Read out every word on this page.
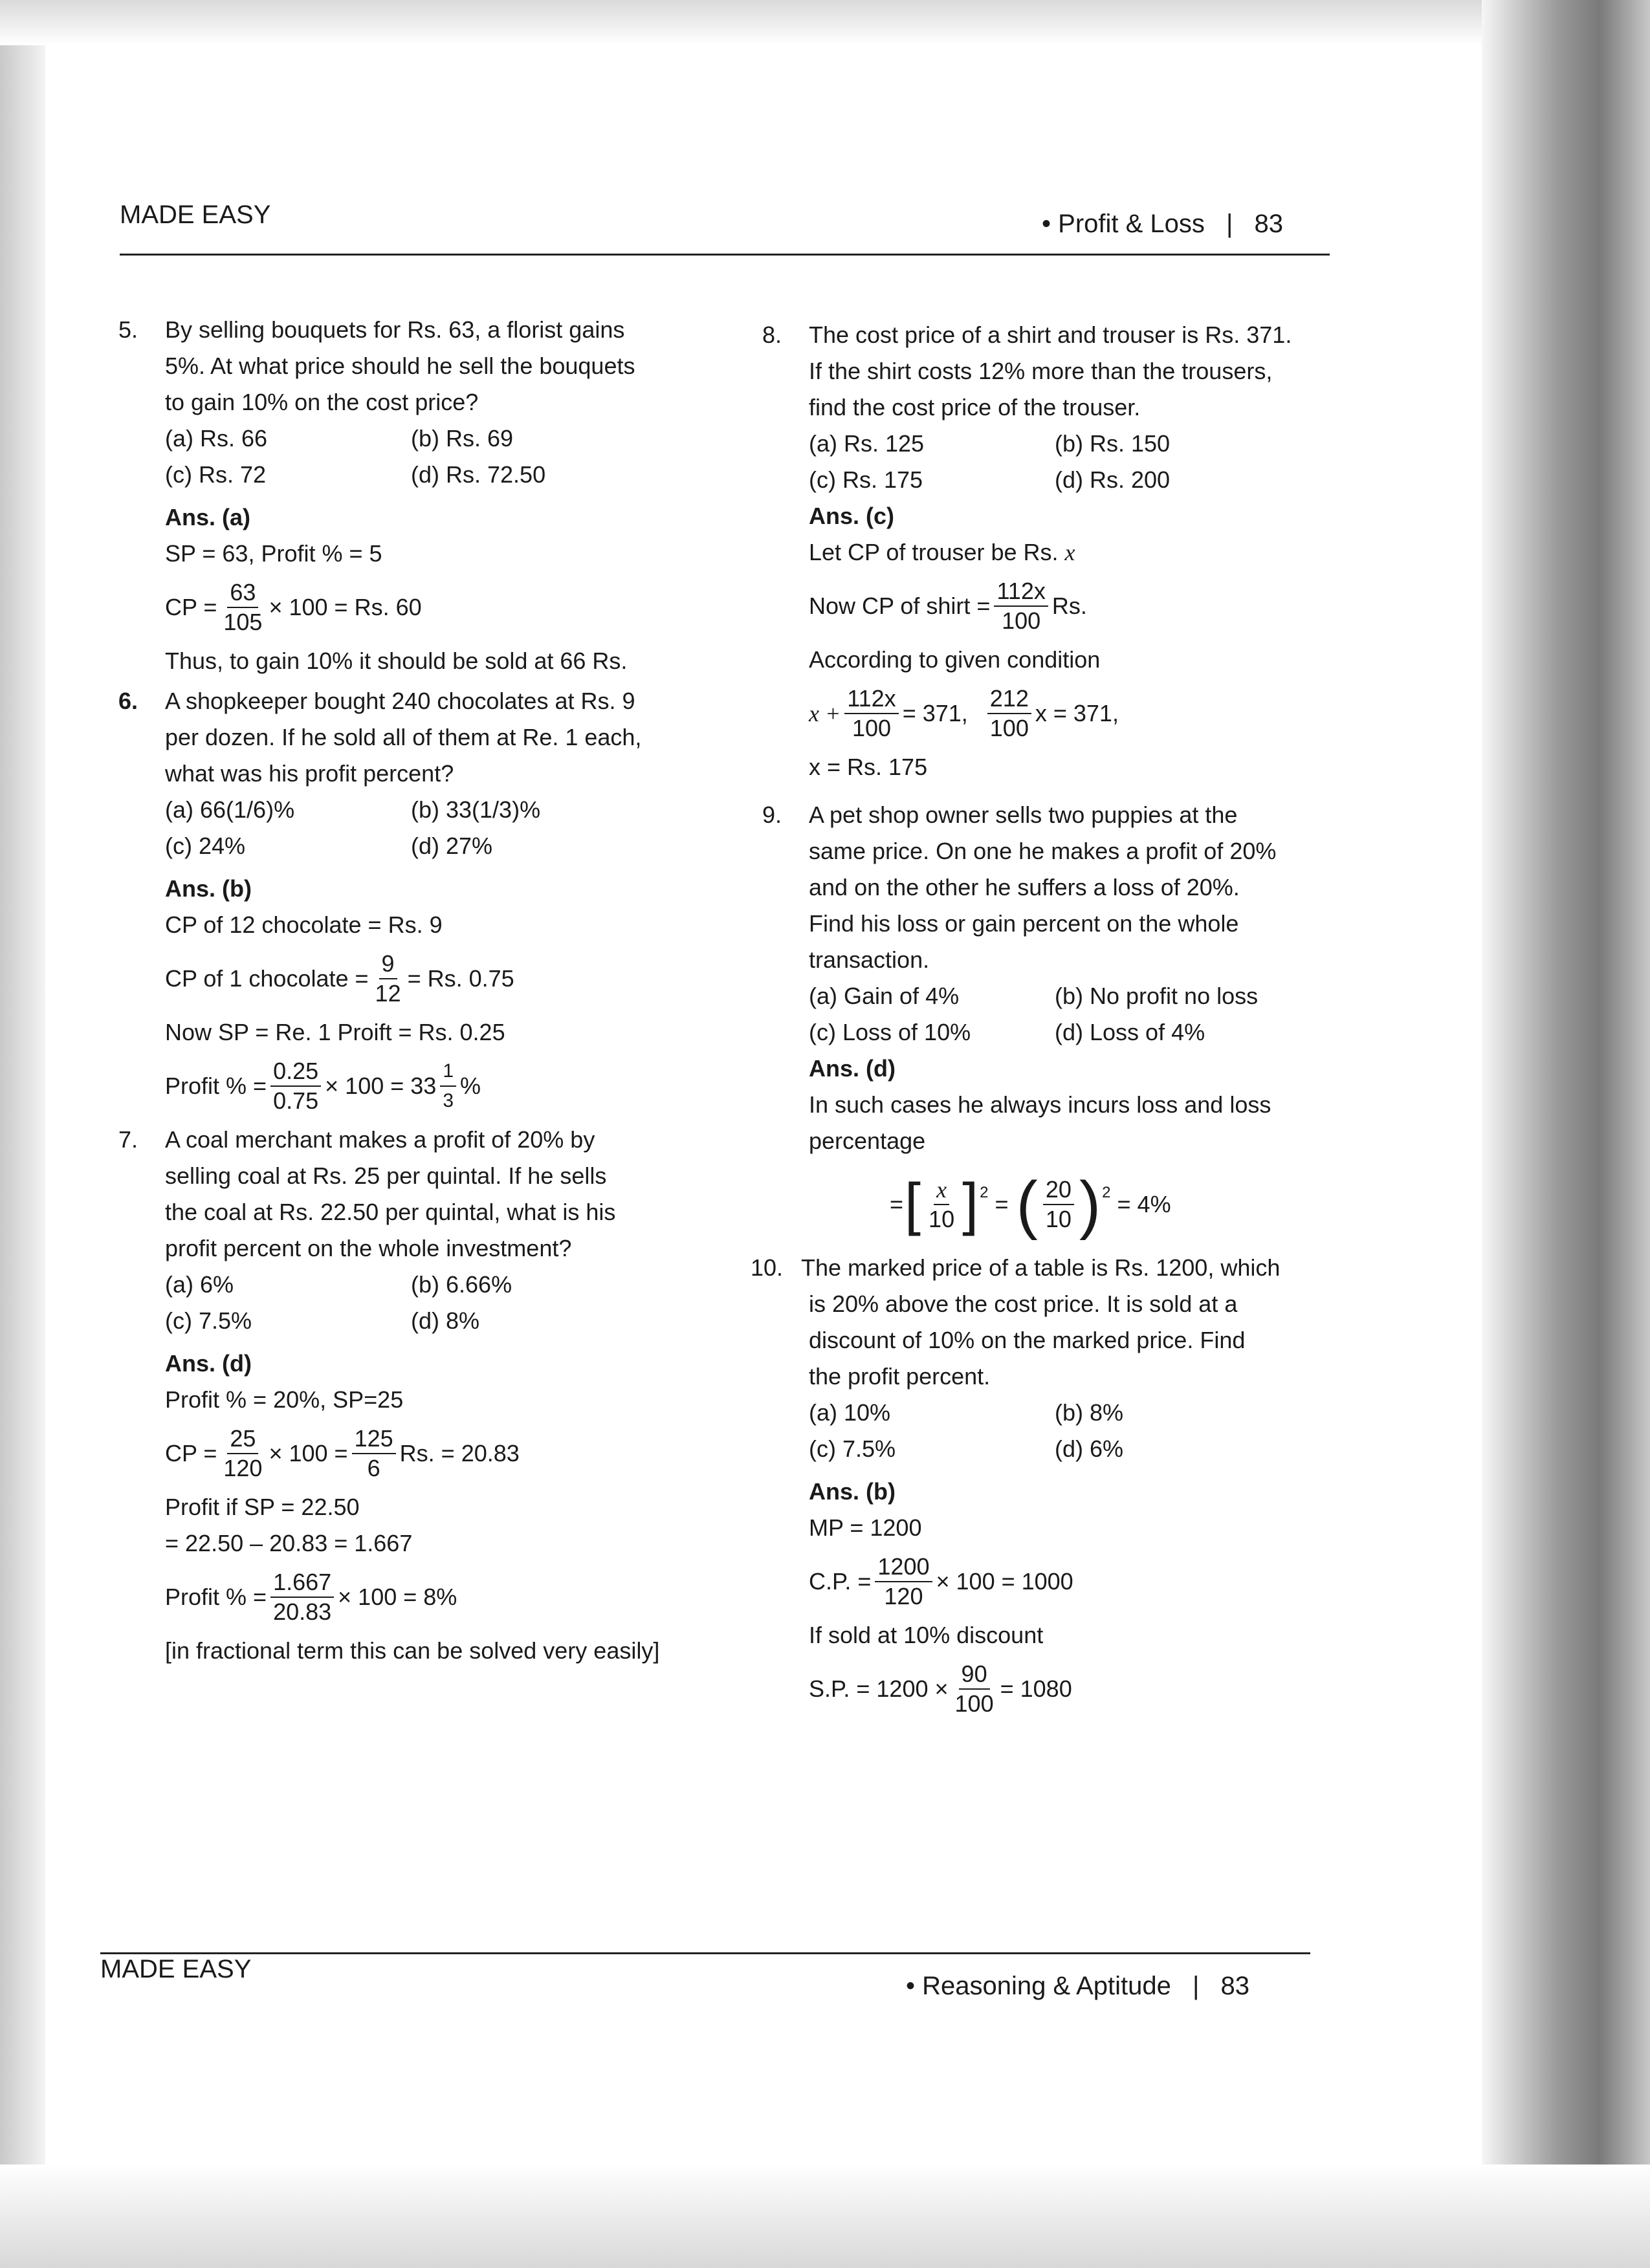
MADE EASY	• Profit & Loss | 83
5. By selling bouquets for Rs. 63, a florist gains
5%. At what price should he sell the bouquets
to gain 10% on the cost price?
(a) Rs. 66	(b) Rs. 69
(c) Rs. 72	(d) Rs. 72.50
Ans. (a)
SP = 63, Profit % = 5
CP = $\frac{63}{105} \times 100 = Rs$. 60
Thus, to gain 10% it should be sold at 66 Rs.
6. A shopkeeper bought 240 chocolates at Rs. 9
per dozen. If he sold all of them at Re. 1 each,
what was his profit percent?
(a) 66(1/6)%	(b) 33(1/3)%
(c) 24%	(d) 27%
Ans. (b)
CP of 12 chocolate = Rs. 9
CP of 1 chocolate = $\frac{9}{12} = Rs$. 0.75
Now SP = Re. 1 Proift = Rs. 0.25
Profit % = $\frac{0.25}{0.75} \times 100 = 33 \frac{1}{3}$ %
7. A coal merchant makes a profit of 20% by
selling coal at Rs. 25 per quintal. If he sells
the coal at Rs. 22.50 per quintal, what is his
profit percent on the whole investment?
(a) 6%	(b) 6.66%
(c) 7.5%	(d) 8%
Ans. (d)
Profit % = 20%, SP=25
CP = $\frac{25}{120} \times 100 = \frac{125}{6} Rs$. = 20.83
Profit if SP = 22.50
= 22.50 – 20.83 = 1.667
Profit % = $\frac{1.667}{20.83} \times 100 = 8\%$
[in fractional term this can be solved very easily]
8. The cost price of a shirt and trouser is Rs. 371.
If the shirt costs 12% more than the trousers,
find the cost price of the trouser.
(a) Rs. 125	(b) Rs. 150
(c) Rs. 175	(d) Rs. 200
Ans. (c)
Let CP of trouser be Rs. x
Now CP of shirt = $\frac{112x}{100} Rs$.
According to given condition
$x + \frac{112x}{100} = 371$, $\frac{212}{100}$ x = 371,
x = Rs. 175
9. A pet shop owner sells two puppies at the
same price. On one he makes a profit of 20%
and on the other he suffers a loss of 20%.
Find his loss or gain percent on the whole
transaction.
(a) Gain of 4%	(b) No profit no loss
(c) Loss of 10%	(d) Loss of 4%
Ans. (d)
In such cases he always incurs loss and loss
percentage
= [ $\frac{x}{10}$ ] 2 = ( $\frac{20}{10}$ ) 2 = 4%
10. The marked price of a table is Rs. 1200, which
is 20% above the cost price. It is sold at a
discount of 10% on the marked price. Find
the profit percent.
(a) 10%	(b) 8%
(c) 7.5%	(d) 6%
Ans. (b)
MP = 1200
C.P. = $\frac{1200}{120} \times 100 = 1000$
If sold at 10% discount
S.P. = $1200 \times \frac{90}{100} = 1080$
MADE EASY
• Reasoning & Aptitude | 83
